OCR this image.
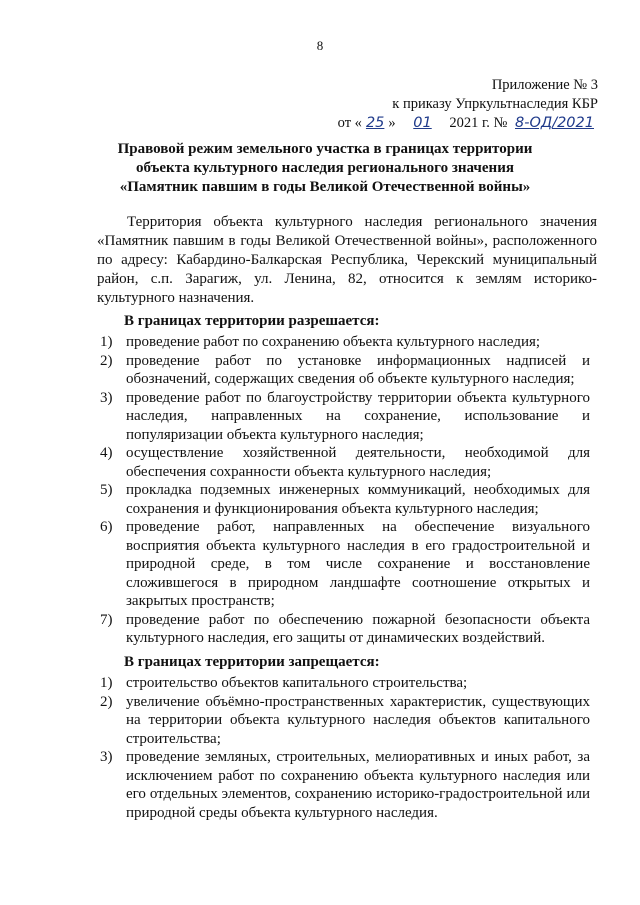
8
Приложение № 3
к приказу Упркультнаследия КБР
от « 25 » 01 2021 г. № 8-ОД/2021
Правовой режим земельного участка в границах территории
объекта культурного наследия регионального значения
«Памятник павшим в годы Великой Отечественной войны»
Территория объекта культурного наследия регионального значения «Памятник павшим в годы Великой Отечественной войны», расположенного по адресу: Кабардино-Балкарская Республика, Черекский муниципальный район, с.п. Зарагиж, ул. Ленина, 82, относится к землям историко-культурного назначения.
В границах территории разрешается:
1) проведение работ по сохранению объекта культурного наследия;
2) проведение работ по установке информационных надписей и обозначений, содержащих сведения об объекте культурного наследия;
3) проведение работ по благоустройству территории объекта культурного наследия, направленных на сохранение, использование и популяризации объекта культурного наследия;
4) осуществление хозяйственной деятельности, необходимой для обеспечения сохранности объекта культурного наследия;
5) прокладка подземных инженерных коммуникаций, необходимых для сохранения и функционирования объекта культурного наследия;
6) проведение работ, направленных на обеспечение визуального восприятия объекта культурного наследия в его градостроительной и природной среде, в том числе сохранение и восстановление сложившегося в природном ландшафте соотношение открытых и закрытых пространств;
7) проведение работ по обеспечению пожарной безопасности объекта культурного наследия, его защиты от динамических воздействий.
В границах территории запрещается:
1) строительство объектов капитального строительства;
2) увеличение объёмно-пространственных характеристик, существующих на территории объекта культурного наследия объектов капитального строительства;
3) проведение земляных, строительных, мелиоративных и иных работ, за исключением работ по сохранению объекта культурного наследия или его отдельных элементов, сохранению историко-градостроительной или природной среды объекта культурного наследия.
